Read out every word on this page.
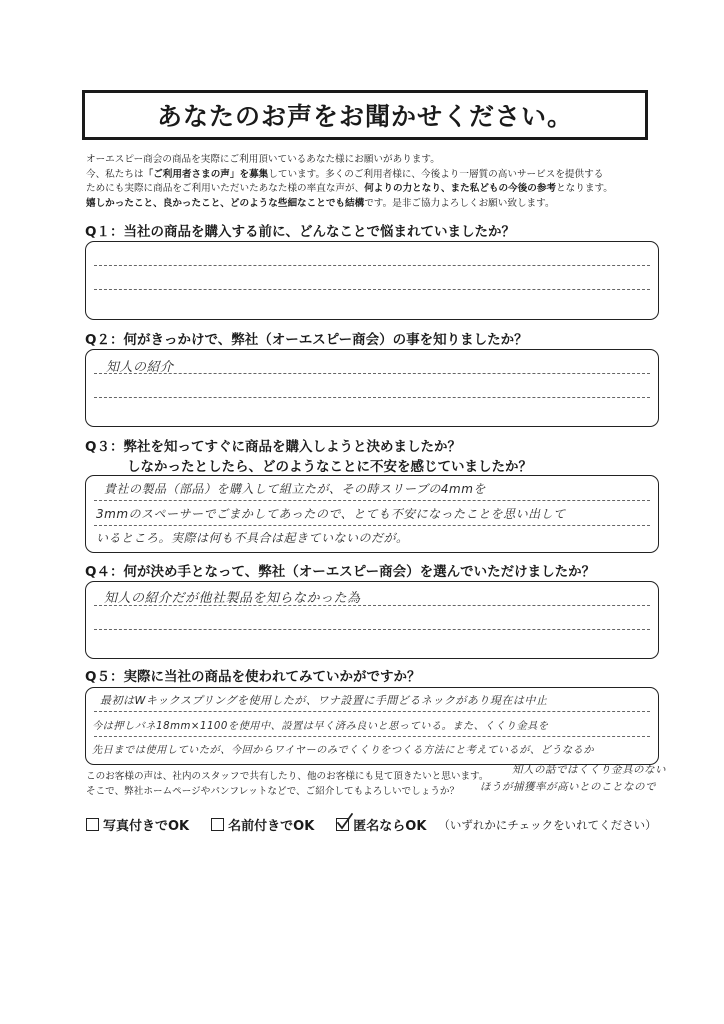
あなたのお声をお聞かせください。
オーエスピー商会の商品を実際にご利用頂いているあなた様にお願いがあります。
今、私たちは「ご利用者さまの声」を募集しています。多くのご利用者様に、今後より一層質の高いサービスを提供する
ためにも実際に商品をご利用いただいたあなた様の率直な声が、何よりの力となり、また私どもの今後の参考となります。
嬉しかったこと、良かったこと、どのような些細なことでも結構です。是非ご協力よろしくお願い致します。
Q１：当社の商品を購入する前に、どんなことで悩まれていましたか？
Q２：何がきっかけで、弊社（オーエスピー商会）の事を知りましたか？
知人の紹介
Q３：弊社を知ってすぐに商品を購入しようと決めましたか？
しなかったとしたら、どのようなことに不安を感じていましたか？
貴社の製品（部品）を購入して組立たが、その時スリーブの4mmを
3mmのスペーサーでごまかしてあったので、とても不安になったことを思い出して
いるところ。実際は何も不具合は起きていないのだが。
Q４：何が決め手となって、弊社（オーエスピー商会）を選んでいただけましたか？
知人の紹介だが他社製品を知らなかった為
Q５：実際に当社の商品を使われてみていかがですか？
最初はWキックスプリングを使用したが、ワナ設置に手間どるネックがあり現在は中止
今は押しバネ18mm×1100を使用中、設置は早く済み良いと思っている。また、くくり金具を
先日までは使用していたが、今回からワイヤーのみでくくりをつくる方法にと考えているが、どうなるか
このお客様の声は、社内のスタッフで共有したり、他のお客様にも見て頂きたいと思います。
そこで、弊社ホームページやパンフレットなどで、ご紹介してもよろしいでしょうか？
知人の話ではくくり金具のない
ほうが捕獲率が高いとのことなので
写真付きでOK	名前付きでOK	匿名ならOK （いずれかにチェックをいれてください）
